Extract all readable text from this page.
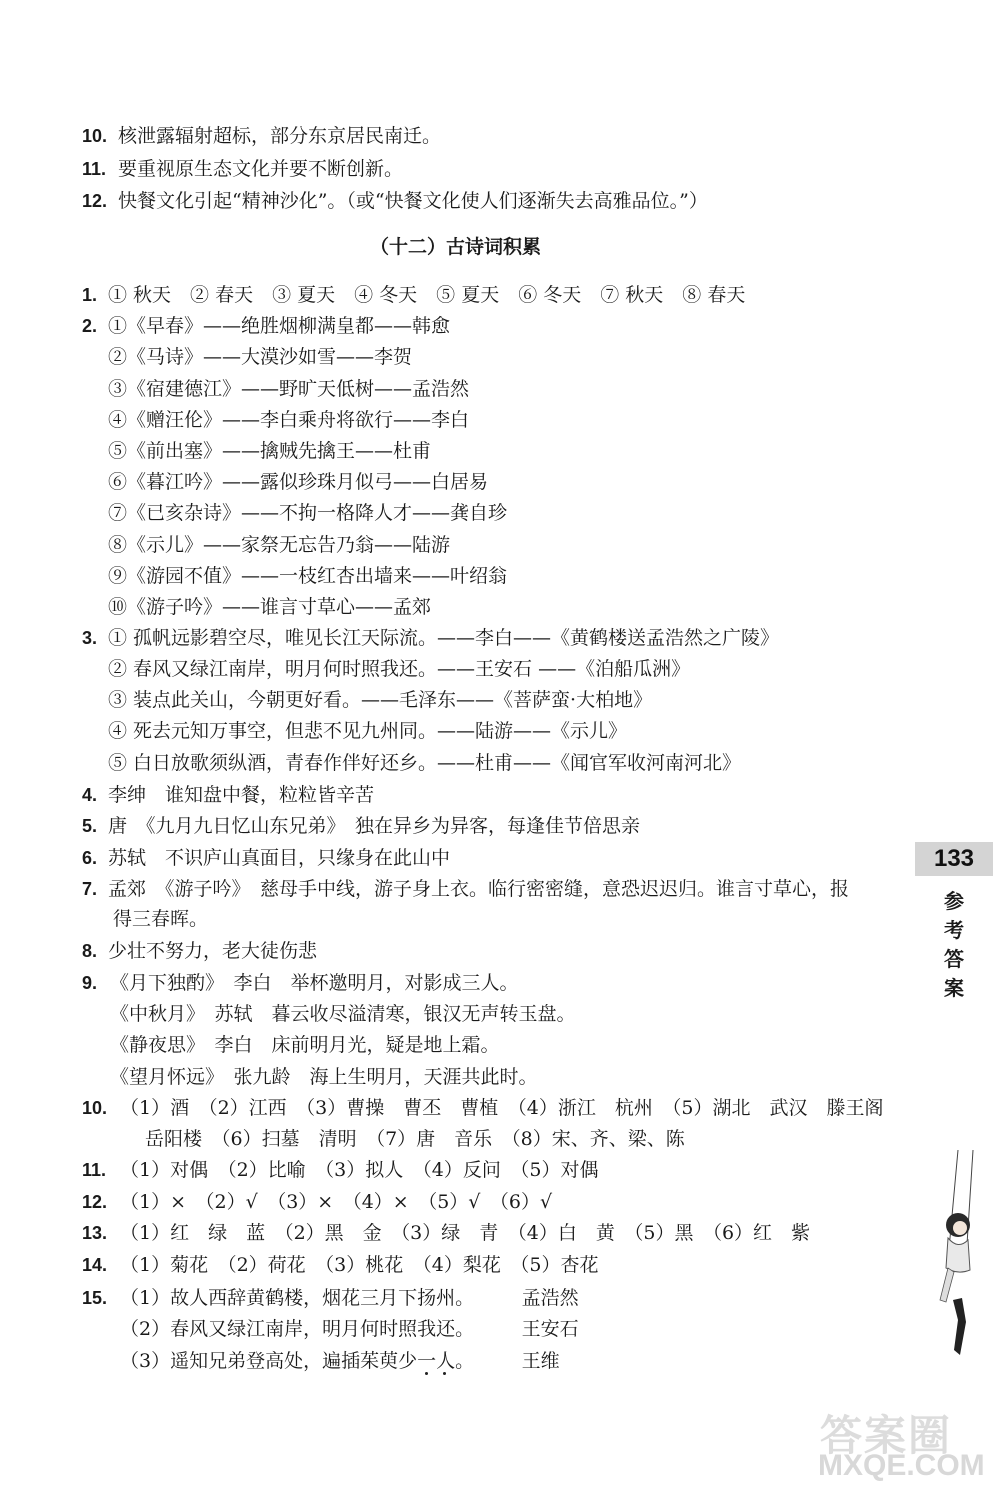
10. 核泄露辐射超标，部分东京居民南迁。
11. 要重视原生态文化并要不断创新。
12. 快餐文化引起“精神沙化”。（或“快餐文化使人们逐渐失去高雅品位。”）
（十二）古诗词积累
1. ① 秋天　② 春天　③ 夏天　④ 冬天　⑤ 夏天　⑥ 冬天　⑦ 秋天　⑧ 春天
2. ①《早春》——绝胜烟柳满皇都——韩愈
②《马诗》——大漠沙如雪——李贺
③《宿建德江》——野旷天低树——孟浩然
④《赠汪伦》——李白乘舟将欲行——李白
⑤《前出塞》——擒贼先擒王——杜甫
⑥《暮江吟》——露似珍珠月似弓——白居易
⑦《已亥杂诗》——不拘一格降人才——龚自珍
⑧《示儿》——家祭无忘告乃翁——陆游
⑨《游园不值》——一枝红杏出墙来——叶绍翁
⑩《游子吟》——谁言寸草心——孟郊
3. ① 孤帆远影碧空尽，唯见长江天际流。——李白——《黄鹤楼送孟浩然之广陵》
② 春风又绿江南岸，明月何时照我还。——王安石 ——《泊船瓜洲》
③ 装点此关山，今朝更好看。——毛泽东——《菩萨蛮·大柏地》
④ 死去元知万事空，但悲不见九州同。——陆游——《示儿》
⑤ 白日放歌须纵酒，青春作伴好还乡。——杜甫——《闻官军收河南河北》
4. 李绅　谁知盘中餐，粒粒皆辛苦
5. 唐　《九月九日忆山东兄弟》　独在异乡为异客，每逢佳节倍思亲
6. 苏轼　不识庐山真面目，只缘身在此山中
7. 孟郊　《游子吟》　慈母手中线，游子身上衣。临行密密缝，意恐迟迟归。谁言寸草心，报
得三春晖。
8. 少壮不努力，老大徒伤悲
9. 《月下独酌》　李白　举杯邀明月，对影成三人。
《中秋月》　苏轼　暮云收尽溢清寒，银汉无声转玉盘。
《静夜思》　李白　床前明月光，疑是地上霜。
《望月怀远》　张九龄　海上生明月，天涯共此时。
10. （1）酒　（2）江西　（3）曹操　曹丕　曹植　（4）浙江　杭州　（5）湖北　武汉　滕王阁
岳阳楼　（6）扫墓　清明　（7）唐　音乐　（8）宋、齐、梁、陈
11. （1）对偶　（2）比喻　（3）拟人　（4）反问　（5）对偶
12. （1）×　（2）√　（3）×　（4）×　（5）√　（6）√
13. （1）红　绿　蓝　（2）黑　金　（3）绿　青　（4）白　黄　（5）黑　（6）红　紫
14. （1）菊花　（2）荷花　（3）桃花　（4）梨花　（5）杏花
15. （1）故人西辞黄鹤楼，烟花三月下扬州。　　　孟浩然
（2）春风又绿江南岸，明月何时照我还。　　　王安石
（3）遥知兄弟登高处，遍插茱萸少一人。　　　王维
133
参
考
答
案
答案圈
MXQE.COM
